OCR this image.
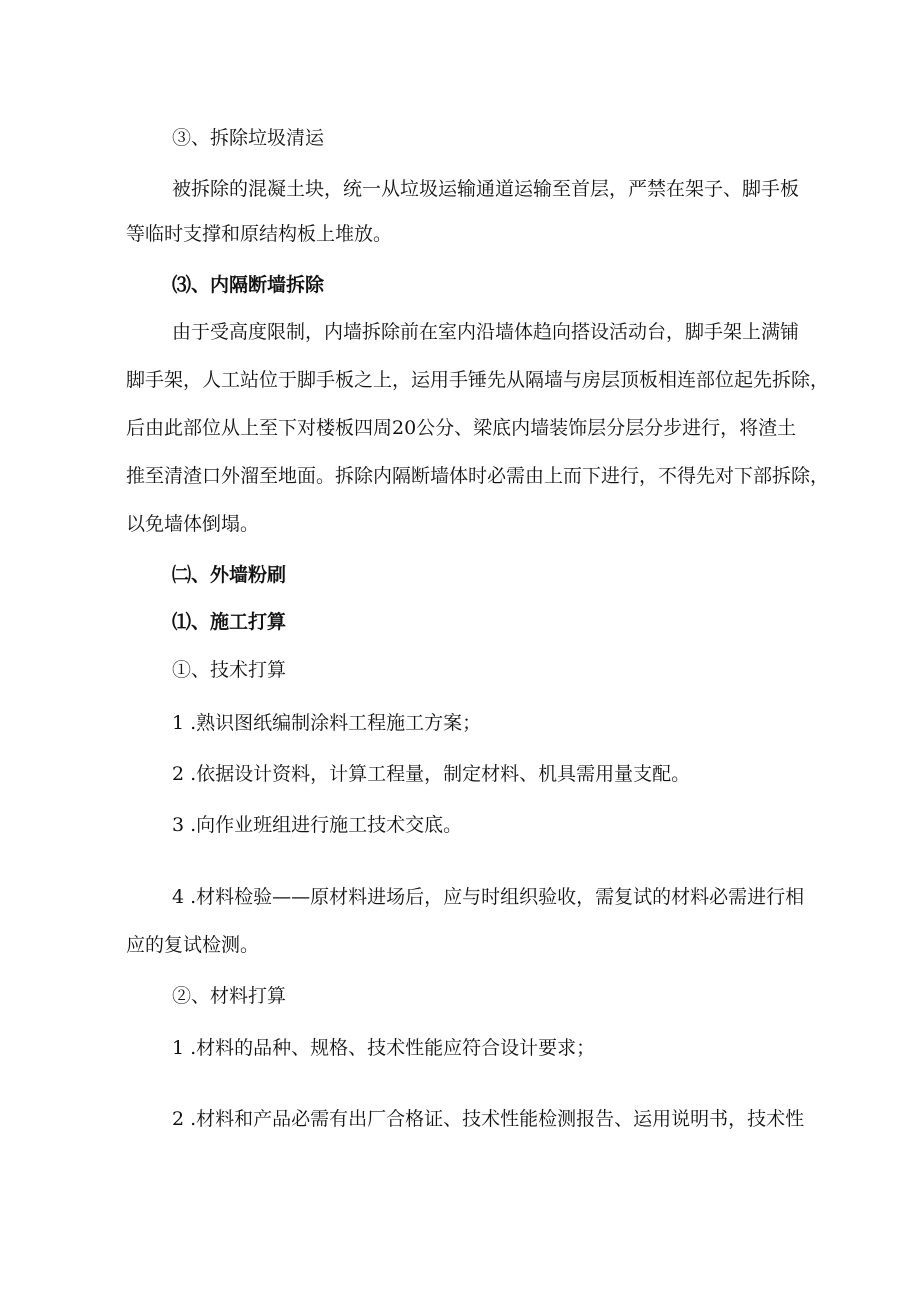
③、拆除垃圾清运
被拆除的混凝土块，统一从垃圾运输通道运输至首层，严禁在架子、脚手板
等临时支撑和原结构板上堆放。
⑶、内隔断墙拆除
由于受高度限制，内墙拆除前在室内沿墙体趋向搭设活动台，脚手架上满铺
脚手架，人工站位于脚手板之上，运用手锤先从隔墙与房层顶板相连部位起先拆除，
后由此部位从上至下对楼板四周20公分、梁底内墙装饰层分层分步进行，将渣土
推至清渣口外溜至地面。拆除内隔断墙体时必需由上而下进行，不得先对下部拆除，
以免墙体倒塌。
㈡、外墙粉刷
⑴、施工打算
①、技术打算
1 .熟识图纸编制涂料工程施工方案；
2 .依据设计资料，计算工程量，制定材料、机具需用量支配。
3 .向作业班组进行施工技术交底。
4 .材料检验——原材料进场后，应与时组织验收，需复试的材料必需进行相
应的复试检测。
②、材料打算
1 .材料的品种、规格、技术性能应符合设计要求；
2 .材料和产品必需有出厂合格证、技术性能检测报告、运用说明书，技术性
